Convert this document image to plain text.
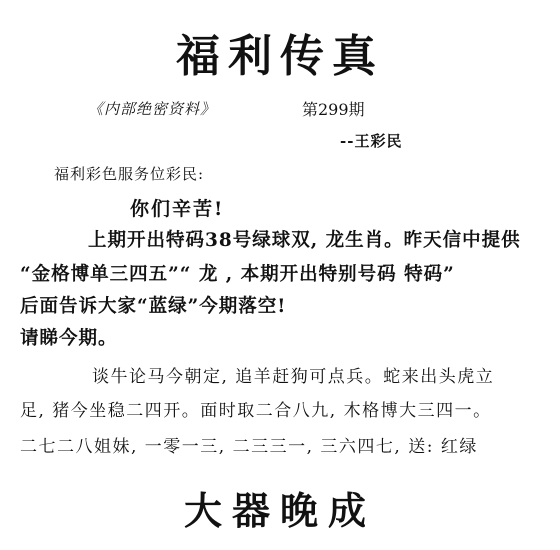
福利传真
《内部绝密资料》	第299期
--王彩民
福利彩色服务位彩民:
你们辛苦!
上期开出特码38号绿球双, 龙生肖。昨天信中提供
“金格博单三四五”“ 龙 , 本期开出特别号码 特码”
后面告诉大家“蓝绿”今期落空!
请睇今期。
谈牛论马今朝定, 追羊赶狗可点兵。蛇来出头虎立
足, 猪今坐稳二四开。面时取二合八九, 木格博大三四一。
二七二八姐妹, 一零一三, 二三三一, 三六四七, 送: 红绿
大器晚成
